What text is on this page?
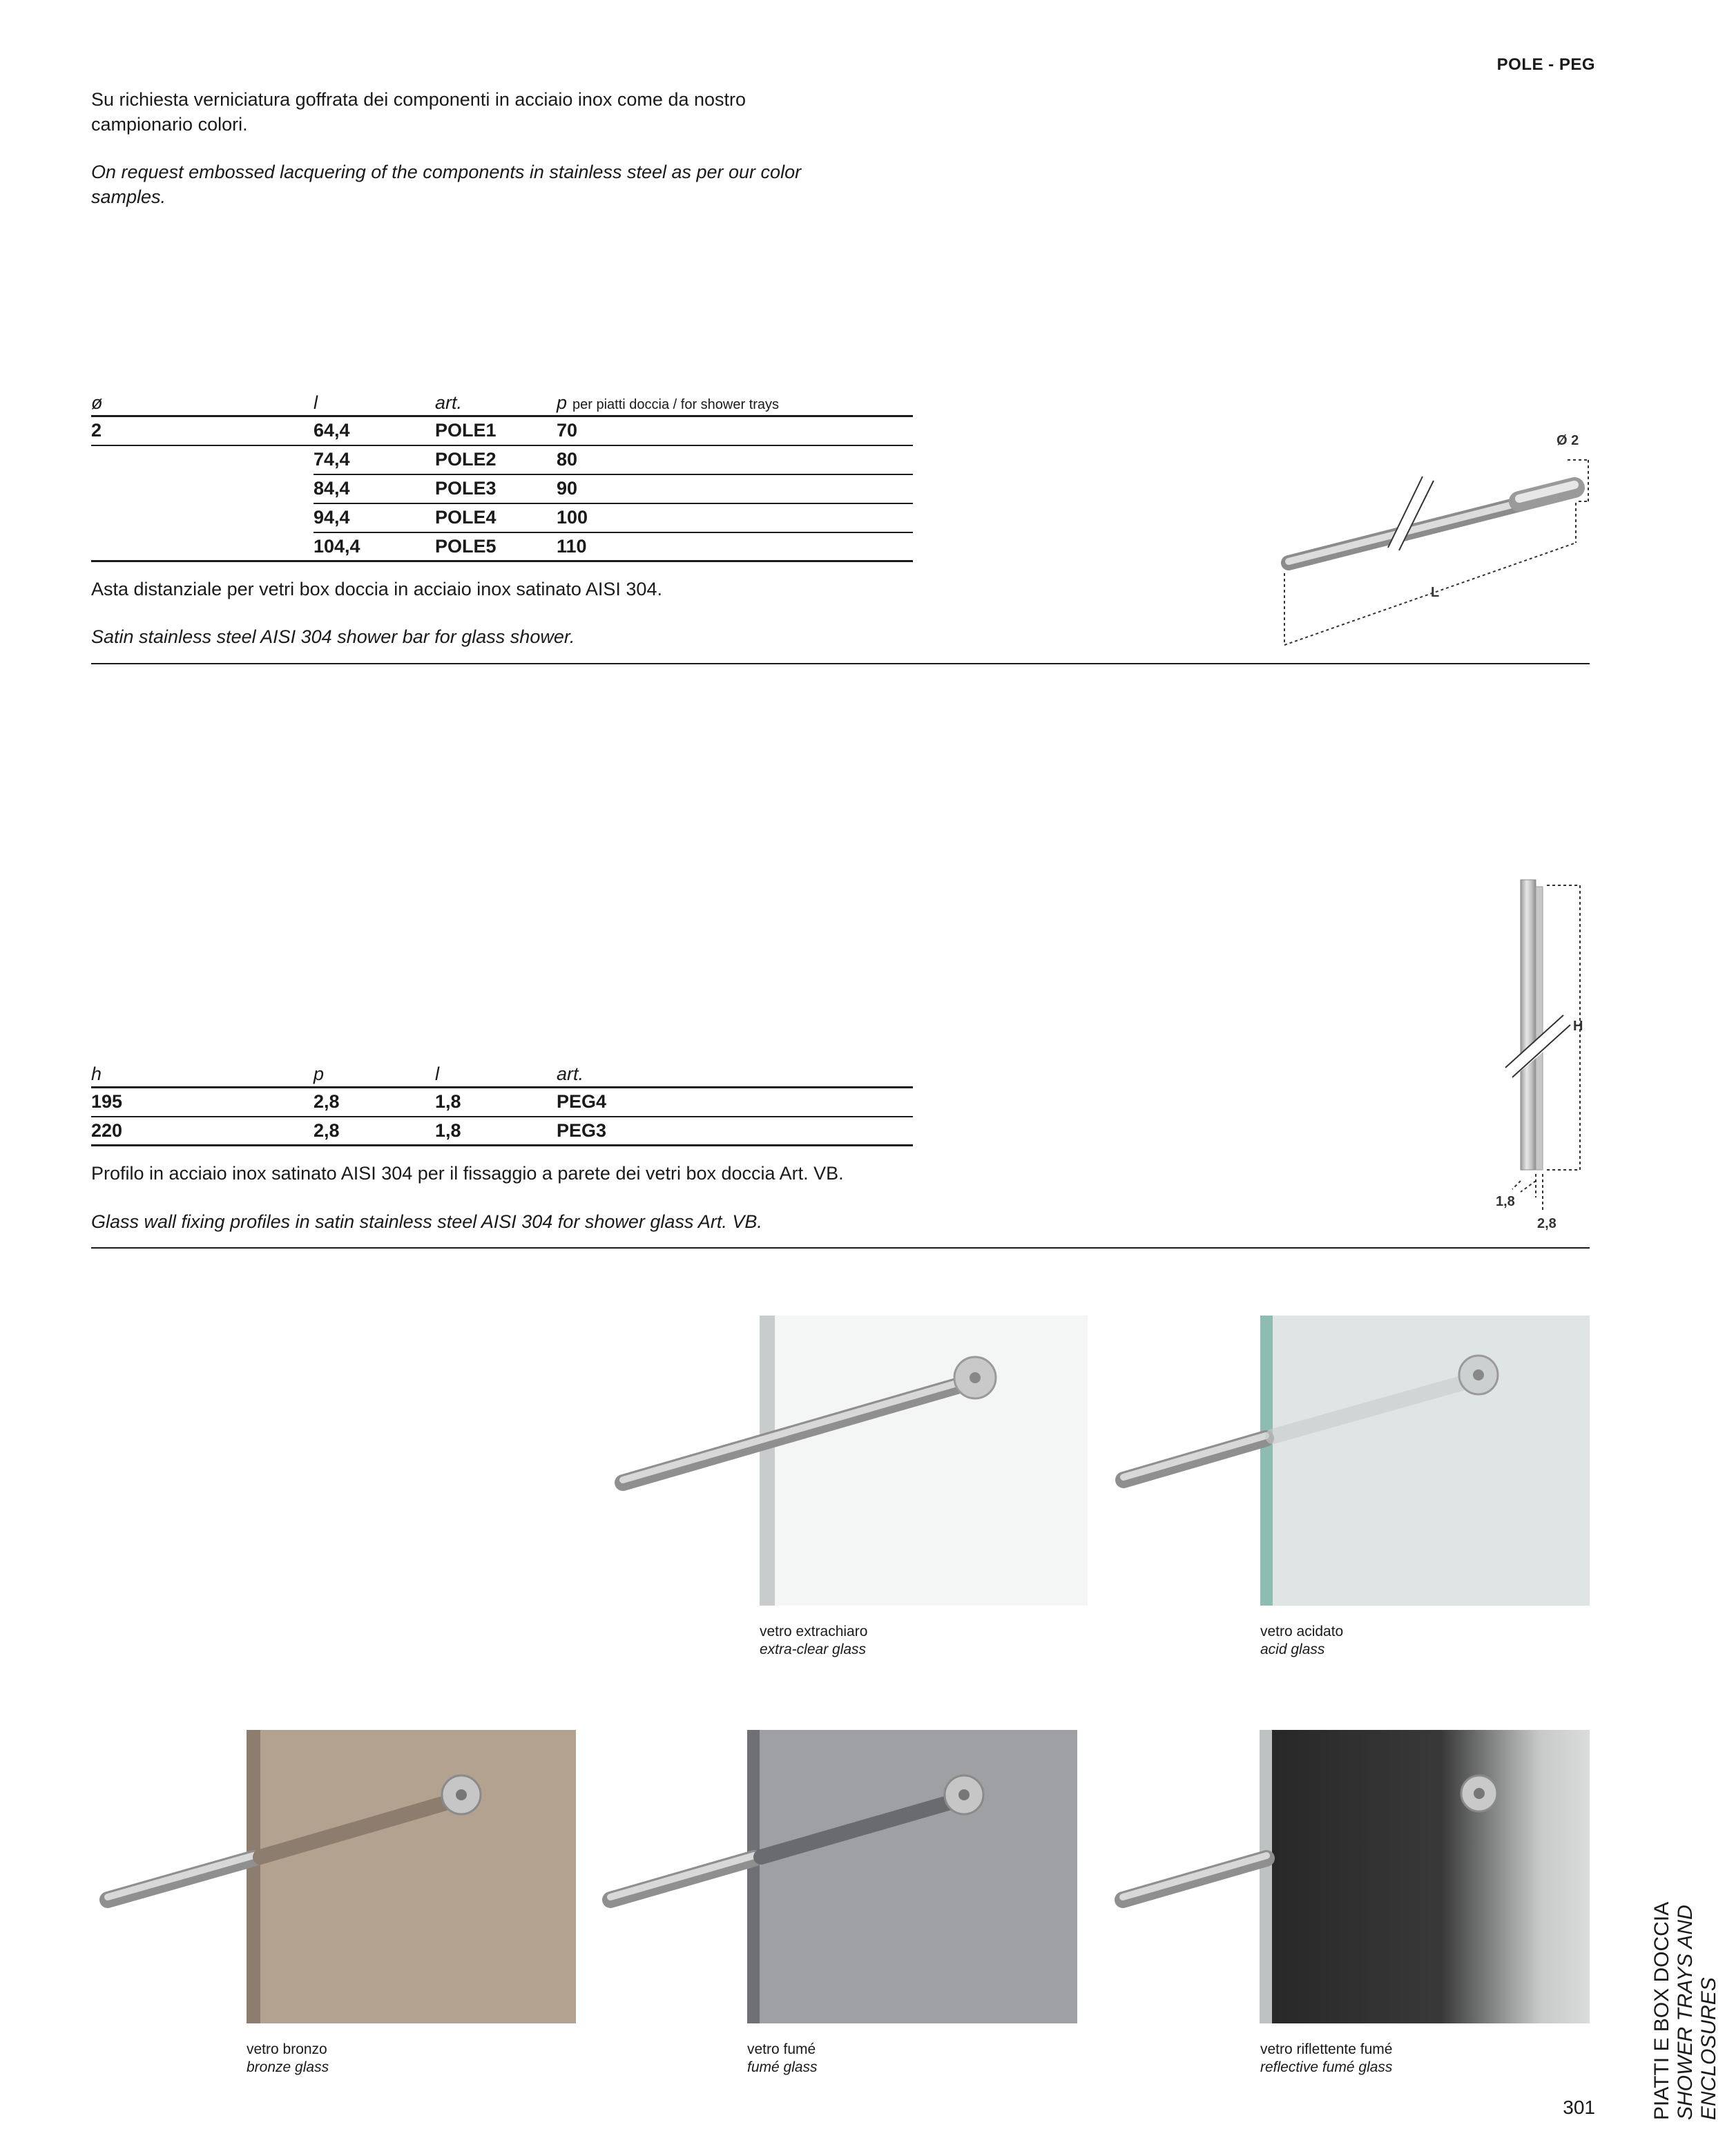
POLE - PEG
Su richiesta verniciatura goffrata dei componenti in acciaio inox come da nostro campionario colori.
On request embossed lacquering of the components in stainless steel as per our color samples.
ø	l	art.	p per piatti doccia / for shower trays
2	64,4	POLE1	70
	74,4	POLE2	80
	84,4	POLE3	90
	94,4	POLE4	100
	104,4	POLE5	110
Asta distanziale per vetri box doccia in acciaio inox satinato AISI 304.
Satin stainless steel AISI 304 shower bar for glass shower.
Ø 2
L
h	p	l	art.
195	2,8	1,8	PEG4
220	2,8	1,8	PEG3
Profilo in acciaio inox satinato AISI 304 per il fissaggio a parete dei vetri box doccia Art. VB.
Glass wall fixing profiles in satin stainless steel AISI 304 for shower glass Art. VB.
H
1,8
2,8
vetro extrachiaro
extra-clear glass
vetro acidato
acid glass
vetro bronzo
bronze glass
vetro fumé
fumé glass
vetro riflettente fumé
reflective fumé glass	PIATTI E BOX DOCCIA SHOWER TRAYS AND ENCLOSURES
301
